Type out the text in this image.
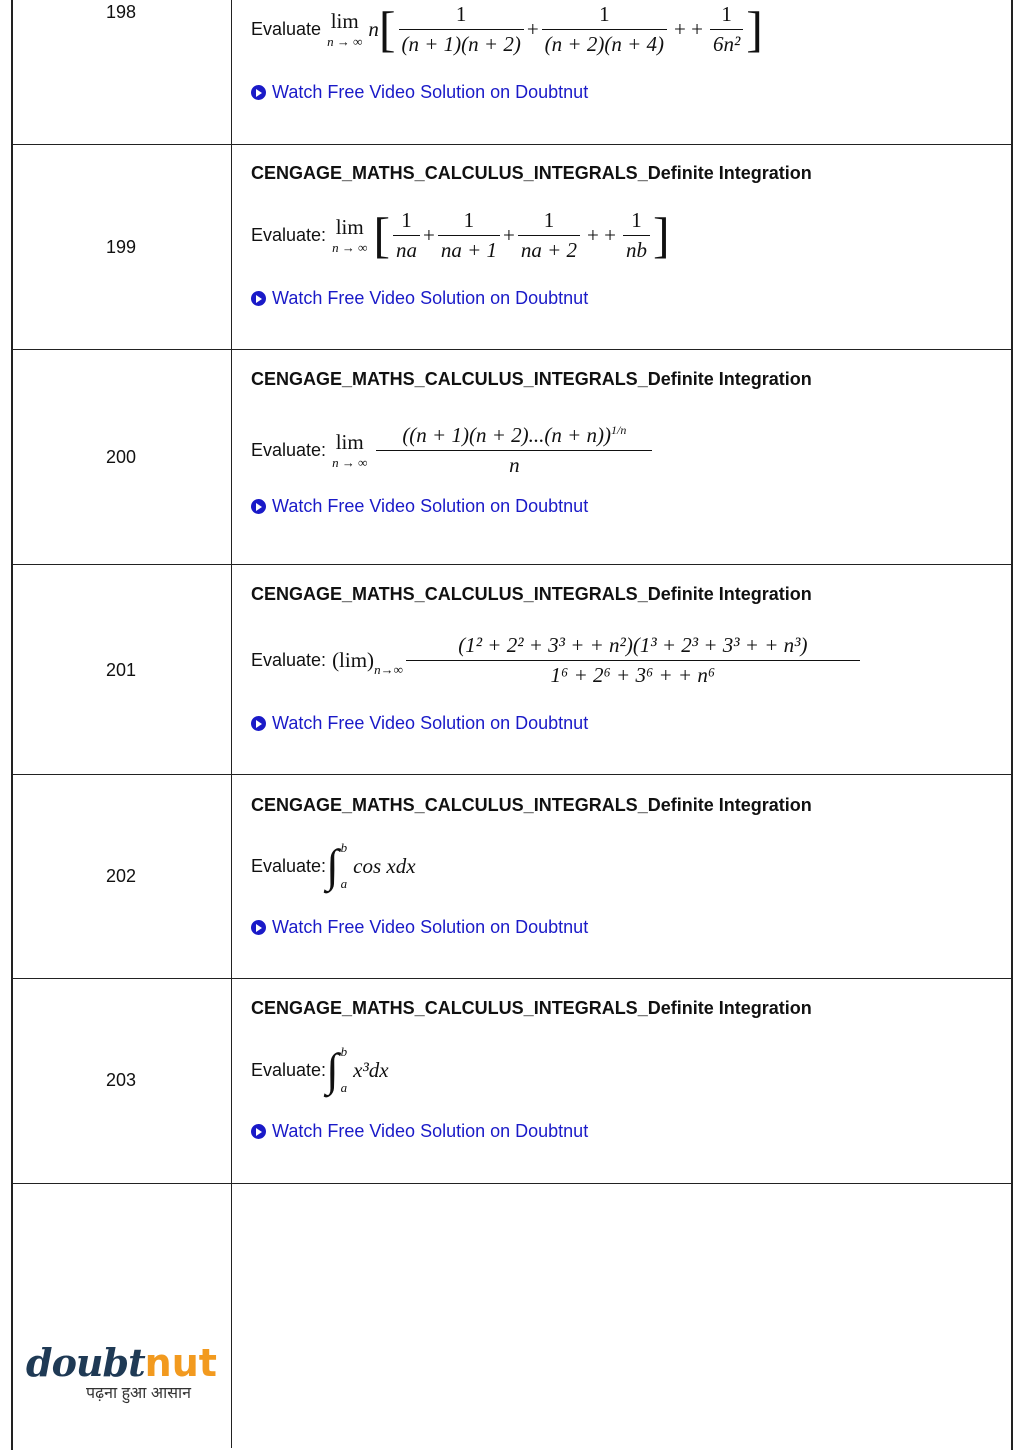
198
Evaluate lim
n → ∞
n [	1
(n + 1)(n + 2)
+ $\frac{1}{(n + 2)(n + 4)}$ + + $\frac{1}{\text{6n²}}$ ]
Watch Free Video Solution on Doubtnut
199
CENGAGE_MATHS_CALCULUS_INTEGRALS_Definite Integration
Evaluate: lim
n → ∞ [ 1
na
+ $\frac{1}{na + 1} + \frac{1}{na + 2}$ + + $\frac{1}{nb}$ ]
Watch Free Video Solution on Doubtnut
200
CENGAGE_MATHS_CALCULUS_INTEGRALS_Definite Integration
Evaluate: lim
n → ∞
$((n + 1)(n + 2)...(n + n))^{1/n}$
n
Watch Free Video Solution on Doubtnut
201
CENGAGE_MATHS_CALCULUS_INTEGRALS_Definite Integration
Evaluate: (lim) $n\to\infty \frac{\text{(1² + 2² + 3³ + + n²)(1³ + 2³ + 3³ + + n³)}}{\text{1⁶ + 2⁶ + 3⁶ + + n⁶}}$
Watch Free Video Solution on Doubtnut
202
CENGAGE_MATHS_CALCULUS_INTEGRALS_Definite Integration
Evaluate: ∫ b
a
cos xdx
Watch Free Video Solution on Doubtnut
203
CENGAGE_MATHS_CALCULUS_INTEGRALS_Definite Integration
Evaluate: ∫ b
a
x³dx
Watch Free Video Solution on Doubtnut
doubtnut
पढ़ना हुआ आसान
